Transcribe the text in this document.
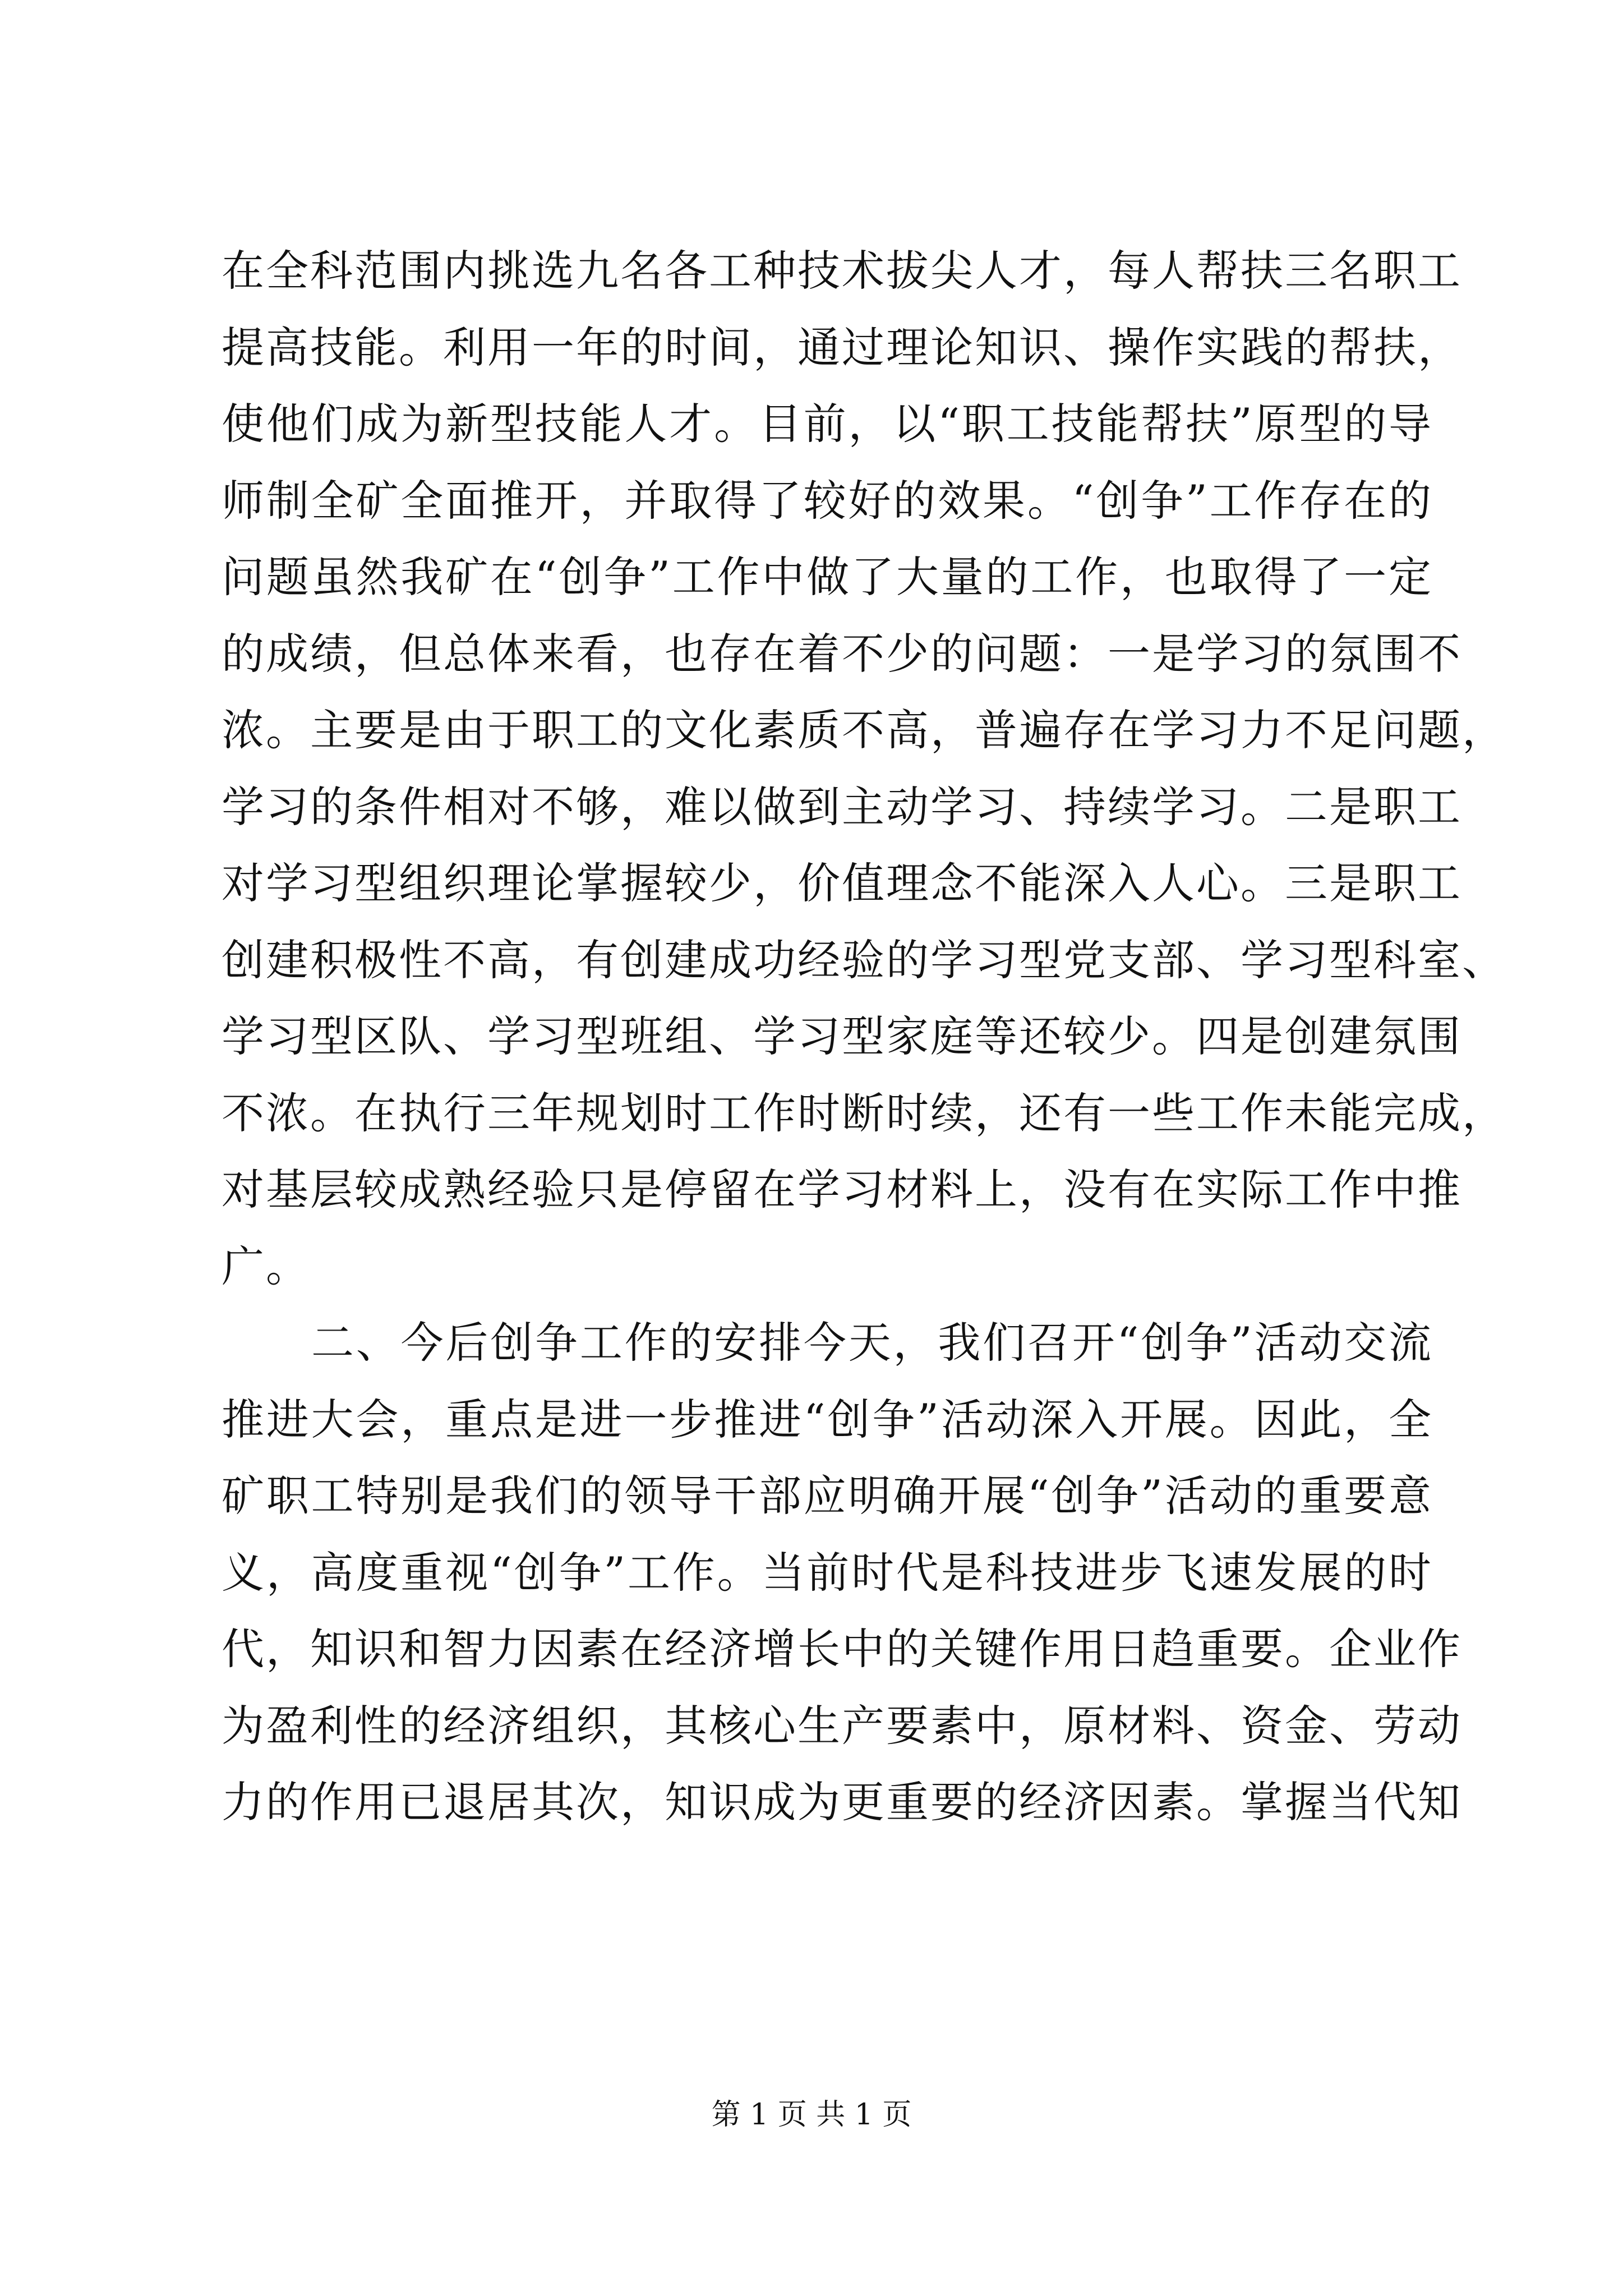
在全科范围内挑选九名各工种技术拔尖人才，每人帮扶三名职工
提高技能。利用一年的时间，通过理论知识、操作实践的帮扶，
使他们成为新型技能人才。目前，以“职工技能帮扶”原型的导
师制全矿全面推开，并取得了较好的效果。“创争”工作存在的
问题虽然我矿在“创争”工作中做了大量的工作，也取得了一定
的成绩，但总体来看，也存在着不少的问题：一是学习的氛围不
浓。主要是由于职工的文化素质不高，普遍存在学习力不足问题，
学习的条件相对不够，难以做到主动学习、持续学习。二是职工
对学习型组织理论掌握较少，价值理念不能深入人心。三是职工
创建积极性不高，有创建成功经验的学习型党支部、学习型科室、
学习型区队、学习型班组、学习型家庭等还较少。四是创建氛围
不浓。在执行三年规划时工作时断时续，还有一些工作未能完成，
对基层较成熟经验只是停留在学习材料上，没有在实际工作中推
广。
二、今后创争工作的安排今天，我们召开“创争”活动交流
推进大会，重点是进一步推进“创争”活动深入开展。因此，全
矿职工特别是我们的领导干部应明确开展“创争”活动的重要意
义，高度重视“创争”工作。当前时代是科技进步飞速发展的时
代，知识和智力因素在经济增长中的关键作用日趋重要。企业作
为盈利性的经济组织，其核心生产要素中，原材料、资金、劳动
力的作用已退居其次，知识成为更重要的经济因素。掌握当代知
第 1 页 共 1 页
